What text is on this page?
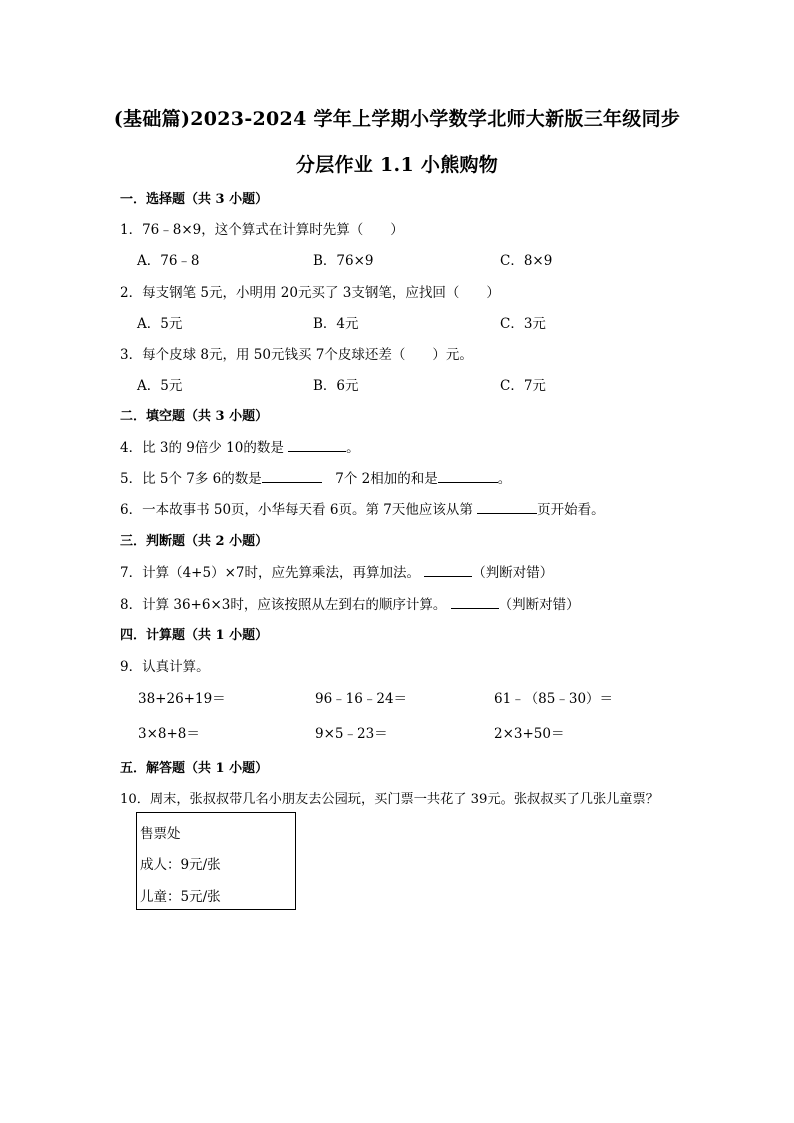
(基础篇)2023-2024 学年上学期小学数学北师大新版三年级同步
分层作业 1.1 小熊购物
一．选择题（共 3 小题）
1．76﹣8×9，这个算式在计算时先算（　　）
A．76﹣8	B．76×9	C．8×9
2．每支钢笔 5元，小明用 20元买了 3支钢笔，应找回（　　）
A．5元	B．4元	C．3元
3．每个皮球 8元，用 50元钱买 7个皮球还差（　　）元。
A．5元	B．6元	C．7元
二．填空题（共 3 小题）
4．比 3的 9倍少 10的数是	。
5．比 5个 7多 6的数是	　7个 2相加的和是	。
6．一本故事书 50页，小华每天看 6页。第 7天他应该从第	页开始看。
三．判断题（共 2 小题）
7．计算（4+5）×7时，应先算乘法，再算加法。	（判断对错）
8．计算 36+6×3时，应该按照从左到右的顺序计算。	（判断对错）
四．计算题（共 1 小题）
9．认真计算。
38+26+19＝	96﹣16﹣24＝	61﹣（85﹣30）＝
3×8+8＝	9×5﹣23＝	2×3+50＝
五．解答题（共 1 小题）
10．周末，张叔叔带几名小朋友去公园玩，买门票一共花了 39元。张叔叔买了几张儿童票？
售票处
成人：9元/张
儿童：5元/张
